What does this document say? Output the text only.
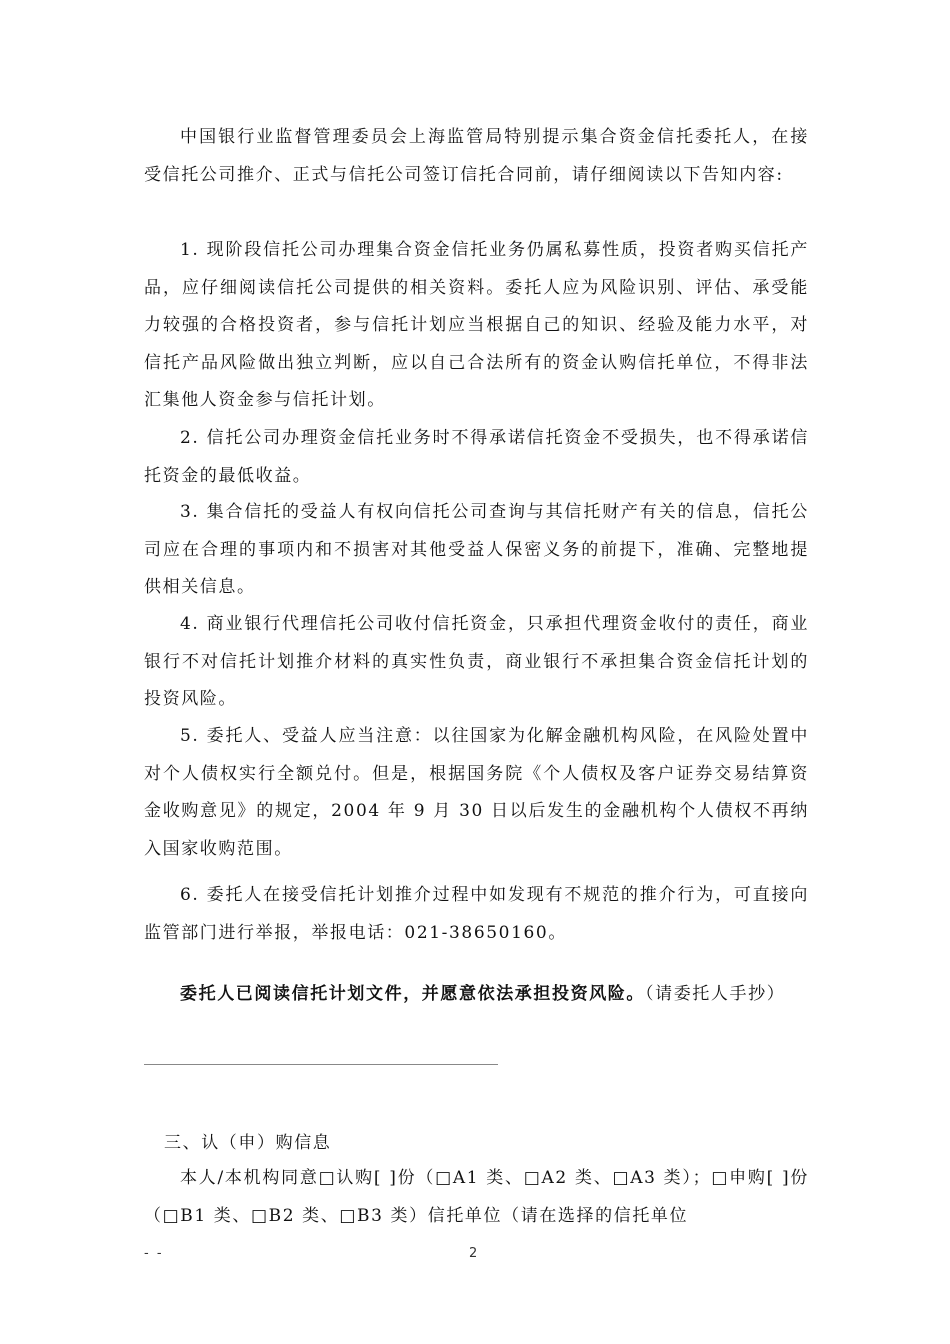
中国银行业监督管理委员会上海监管局特别提示集合资金信托委托人，在接受信托公司推介、正式与信托公司签订信托合同前，请仔细阅读以下告知内容:
1. 现阶段信托公司办理集合资金信托业务仍属私募性质，投资者购买信托产品，应仔细阅读信托公司提供的相关资料。委托人应为风险识别、评估、承受能力较强的合格投资者，参与信托计划应当根据自己的知识、经验及能力水平，对信托产品风险做出独立判断，应以自己合法所有的资金认购信托单位，不得非法汇集他人资金参与信托计划。
2. 信托公司办理资金信托业务时不得承诺信托资金不受损失，也不得承诺信托资金的最低收益。
3. 集合信托的受益人有权向信托公司查询与其信托财产有关的信息，信托公司应在合理的事项内和不损害对其他受益人保密义务的前提下，准确、完整地提供相关信息。
4. 商业银行代理信托公司收付信托资金，只承担代理资金收付的责任，商业银行不对信托计划推介材料的真实性负责，商业银行不承担集合资金信托计划的投资风险。
5. 委托人、受益人应当注意：以往国家为化解金融机构风险，在风险处置中对个人债权实行全额兑付。但是，根据国务院《个人债权及客户证券交易结算资金收购意见》的规定，2004 年 9 月 30 日以后发生的金融机构个人债权不再纳入国家收购范围。
6. 委托人在接受信托计划推介过程中如发现有不规范的推介行为，可直接向监管部门进行举报，举报电话：021-38650160。
委托人已阅读信托计划文件，并愿意依法承担投资风险。（请委托人手抄）
三、认（申）购信息
本人/本机构同意□认购[ ]份（□A1 类、□A2 类、□A3 类）；□申购[ ]份（□B1 类、□B2 类、□B3 类）信托单位（请在选择的信托单位
- -	2
